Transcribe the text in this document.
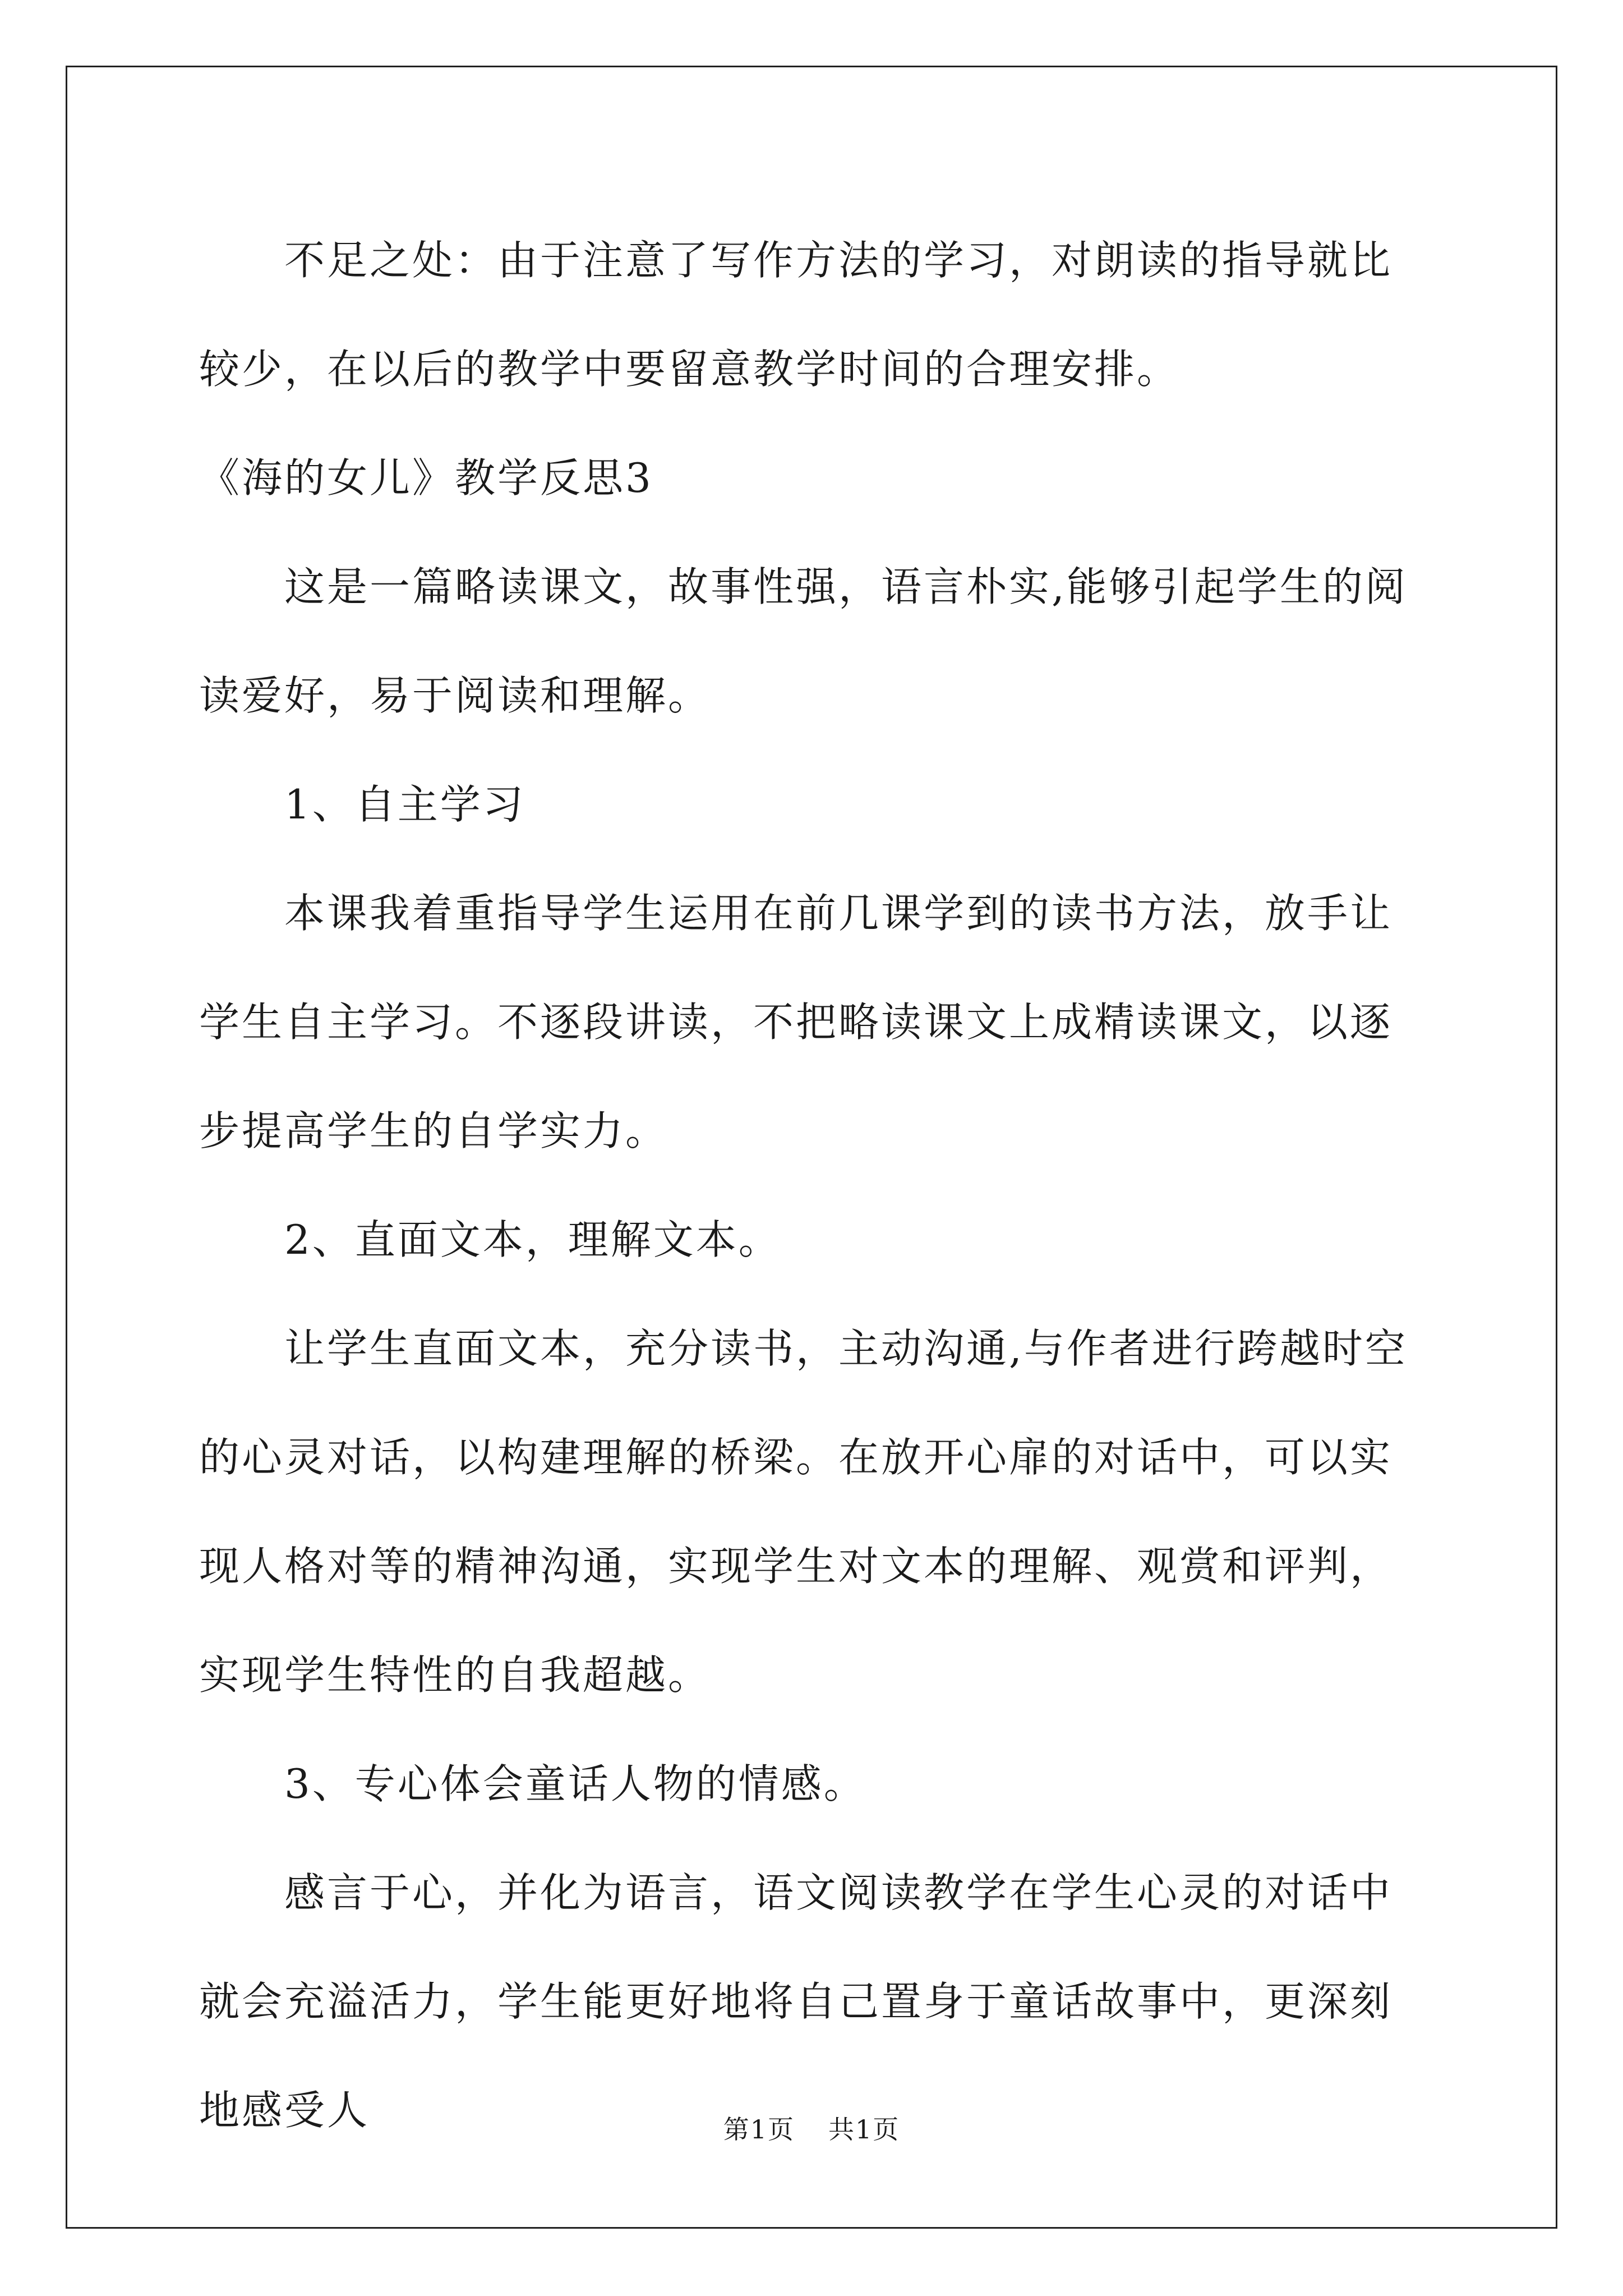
不足之处：由于注意了写作方法的学习，对朗读的指导就比较少，在以后的教学中要留意教学时间的合理安排。

《海的女儿》教学反思3

这是一篇略读课文，故事性强，语言朴实,能够引起学生的阅读爱好，易于阅读和理解。

1、自主学习

本课我着重指导学生运用在前几课学到的读书方法，放手让学生自主学习。不逐段讲读，不把略读课文上成精读课文，以逐步提高学生的自学实力。

2、直面文本，理解文本。

让学生直面文本，充分读书，主动沟通,与作者进行跨越时空的心灵对话，以构建理解的桥梁。在放开心扉的对话中，可以实现人格对等的精神沟通，实现学生对文本的理解、观赏和评判，实现学生特性的自我超越。

3、专心体会童话人物的情感。

感言于心，并化为语言，语文阅读教学在学生心灵的对话中就会充溢活力，学生能更好地将自己置身于童话故事中，更深刻地感受人	第1页 共1页
